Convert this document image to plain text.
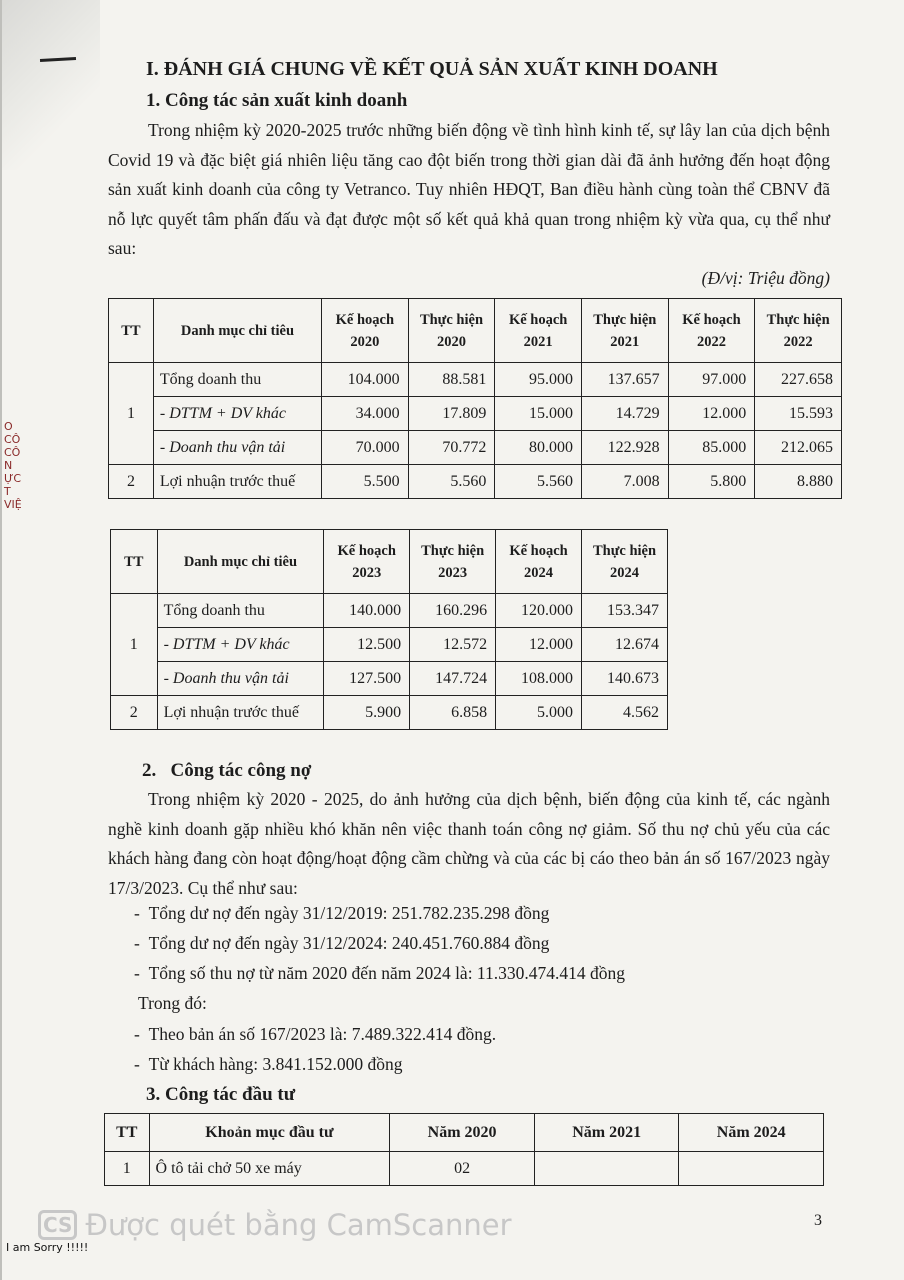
O
CÔ
CÔ
N
ỰC
T
VIỆ
I. ĐÁNH GIÁ CHUNG VỀ KẾT QUẢ SẢN XUẤT KINH DOANH
1. Công tác sản xuất kinh doanh
Trong nhiệm kỳ 2020-2025 trước những biến động về tình hình kinh tế, sự lây lan của dịch bệnh Covid 19 và đặc biệt giá nhiên liệu tăng cao đột biến trong thời gian dài đã ảnh hưởng đến hoạt động sản xuất kinh doanh của công ty Vetranco. Tuy nhiên HĐQT, Ban điều hành cùng toàn thể CBNV đã nỗ lực quyết tâm phấn đấu và đạt được một số kết quả khả quan trong nhiệm kỳ vừa qua, cụ thể như sau:
(Đ/vị: Triệu đồng)
TT	Danh mục chỉ tiêu	Kế hoạch 2020	Thực hiện 2020	Kế hoạch 2021	Thực hiện 2021	Kế hoạch 2022	Thực hiện 2022
1	Tổng doanh thu	104.000	88.581	95.000	137.657	97.000	227.658
	- DTTM + DV khác	34.000	17.809	15.000	14.729	12.000	15.593
	- Doanh thu vận tải	70.000	70.772	80.000	122.928	85.000	212.065
2	Lợi nhuận trước thuế	5.500	5.560	5.560	7.008	5.800	8.880
TT	Danh mục chỉ tiêu	Kế hoạch 2023	Thực hiện 2023	Kế hoạch 2024	Thực hiện 2024
1	Tổng doanh thu	140.000	160.296	120.000	153.347
	- DTTM + DV khác	12.500	12.572	12.000	12.674
	- Doanh thu vận tải	127.500	147.724	108.000	140.673
2	Lợi nhuận trước thuế	5.900	6.858	5.000	4.562
2. Công tác công nợ
Trong nhiệm kỳ 2020 - 2025, do ảnh hưởng của dịch bệnh, biến động của kinh tế, các ngành nghề kinh doanh gặp nhiều khó khăn nên việc thanh toán công nợ giảm. Số thu nợ chủ yếu của các khách hàng đang còn hoạt động/hoạt động cầm chừng và của các bị cáo theo bản án số 167/2023 ngày 17/3/2023. Cụ thể như sau:
-  Tổng dư nợ đến ngày 31/12/2019: 251.782.235.298 đồng
-  Tổng dư nợ đến ngày 31/12/2024: 240.451.760.884 đồng
-  Tổng số thu nợ từ năm 2020 đến năm 2024 là: 11.330.474.414 đồng
Trong đó:
-  Theo bản án số 167/2023 là: 7.489.322.414 đồng.
-  Từ khách hàng: 3.841.152.000 đồng
3. Công tác đầu tư
TT	Khoản mục đầu tư	Năm 2020	Năm 2021	Năm 2024
1	Ô tô tải chở 50 xe máy	02		
CS Được quét bằng CamScanner
I am Sorry !!!!!
3
